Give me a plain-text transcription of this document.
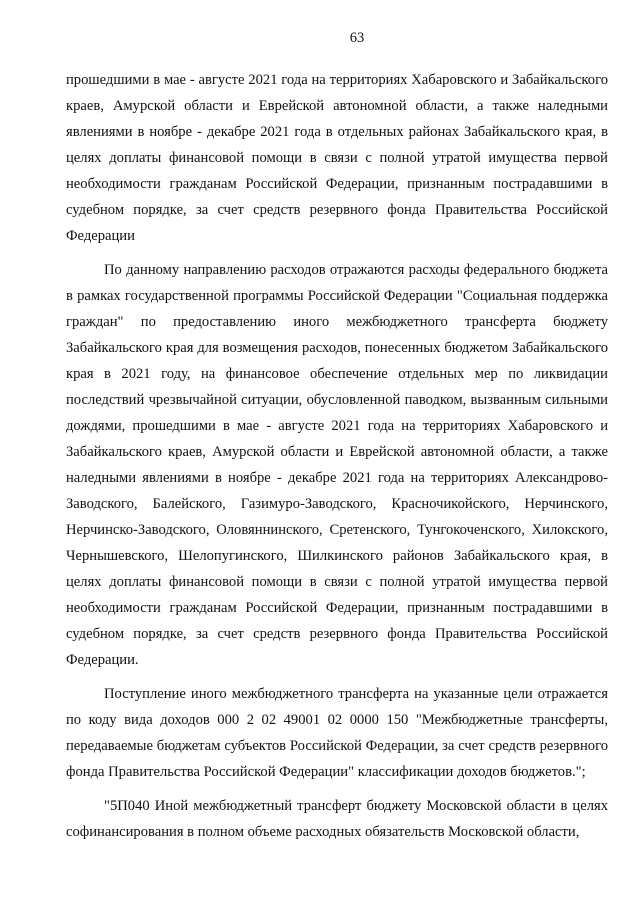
63

прошедшими в мае - августе 2021 года на территориях Хабаровского и Забайкальского краев, Амурской области и Еврейской автономной области, а также наледными явлениями в ноябре - декабре 2021 года в отдельных районах Забайкальского края, в целях доплаты финансовой помощи в связи с полной утратой имущества первой необходимости гражданам Российской Федерации, признанным пострадавшими в судебном порядке, за счет средств резервного фонда Правительства Российской Федерации

По данному направлению расходов отражаются расходы федерального бюджета в рамках государственной программы Российской Федерации "Социальная поддержка граждан" по предоставлению иного межбюджетного трансферта бюджету Забайкальского края для возмещения расходов, понесенных бюджетом Забайкальского края в 2021 году, на финансовое обеспечение отдельных мер по ликвидации последствий чрезвычайной ситуации, обусловленной паводком, вызванным сильными дождями, прошедшими в мае - августе 2021 года на территориях Хабаровского и Забайкальского краев, Амурской области и Еврейской автономной области, а также наледными явлениями в ноябре - декабре 2021 года на территориях Александрово-Заводского, Балейского, Газимуро-Заводского, Красночикойского, Нерчинского, Нерчинско-Заводского, Оловяннинского, Сретенского, Тунгокоченского, Хилокского, Чернышевского, Шелопугинского, Шилкинского районов Забайкальского края, в целях доплаты финансовой помощи в связи с полной утратой имущества первой необходимости гражданам Российской Федерации, признанным пострадавшими в судебном порядке, за счет средств резервного фонда Правительства Российской Федерации.

Поступление иного межбюджетного трансферта на указанные цели отражается по коду вида доходов 000 2 02 49001 02 0000 150 "Межбюджетные трансферты, передаваемые бюджетам субъектов Российской Федерации, за счет средств резервного фонда Правительства Российской Федерации" классификации доходов бюджетов.";

"5П040 Иной межбюджетный трансферт бюджету Московской области в целях софинансирования в полном объеме расходных обязательств Московской области,
